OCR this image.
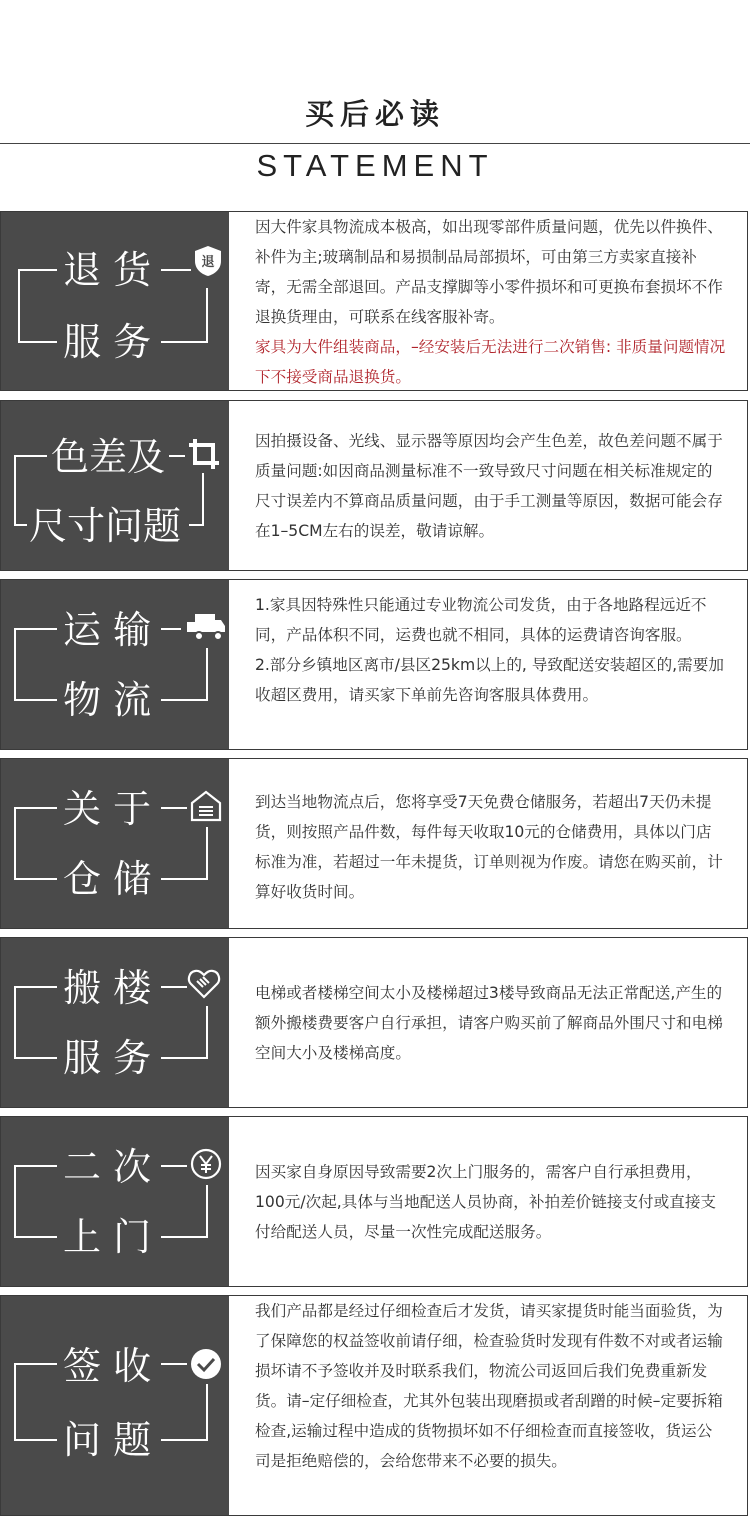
买后必读
STATEMENT
退 货
服 务
退

因大件家具物流成本极高，如出现零部件质量问题，优先以件换件、补件为主;玻璃制品和易损制品局部损坏，可由第三方卖家直接补寄，无需全部退回。产品支撑脚等小零件损坏和可更换布套损坏不作退换货理由，可联系在线客服补寄。

家具为大件组装商品，–经安装后无法进行二次销售: 非质量问题情况下不接受商品退换货。

色差及
尺寸问题

因拍摄设备、光线、显示器等原因均会产生色差，故色差问题不属于质量问题:如因商品测量标准不一致导致尺寸问题在相关标准规定的尺寸误差内不算商品质量问题，由于手工测量等原因，数据可能会存在1–5CM左右的误差，敬请谅解。

运 输
物 流

1.家具因特殊性只能通过专业物流公司发货，由于各地路程远近不同，产品体积不同，运费也就不相同，具体的运费请咨询客服。

2.部分乡镇地区离市/县区25km以上的, 导致配送安装超区的,需要加收超区费用，请买家下单前先咨询客服具体费用。

关 于
仓 储

到达当地物流点后，您将享受7天免费仓储服务，若超出7天仍未提货，则按照产品件数，每件每天收取10元的仓储费用，具体以门店标准为准，若超过一年未提货，订单则视为作废。请您在购买前，计算好收货时间。

搬 楼
服 务

电梯或者楼梯空间太小及楼梯超过3楼导致商品无法正常配送,产生的额外搬楼费要客户自行承担，请客户购买前了解商品外围尺寸和电梯空间大小及楼梯高度。

二 次
上 门

因买家自身原因导致需要2次上门服务的，需客户自行承担费用，100元/次起,具体与当地配送人员协商，补拍差价链接支付或直接支付给配送人员，尽量一次性完成配送服务。

签 收
问 题

我们产品都是经过仔细检查后才发货，请买家提货时能当面验货，为了保障您的权益签收前请仔细，检查验货时发现有件数不对或者运输损坏请不予签收并及时联系我们，物流公司返回后我们免费重新发货。请–定仔细检查，尤其外包装出现磨损或者刮蹭的时候–定要拆箱检查,运输过程中造成的货物损坏如不仔细检查而直接签收，货运公司是拒绝赔偿的，会给您带来不必要的损失。
